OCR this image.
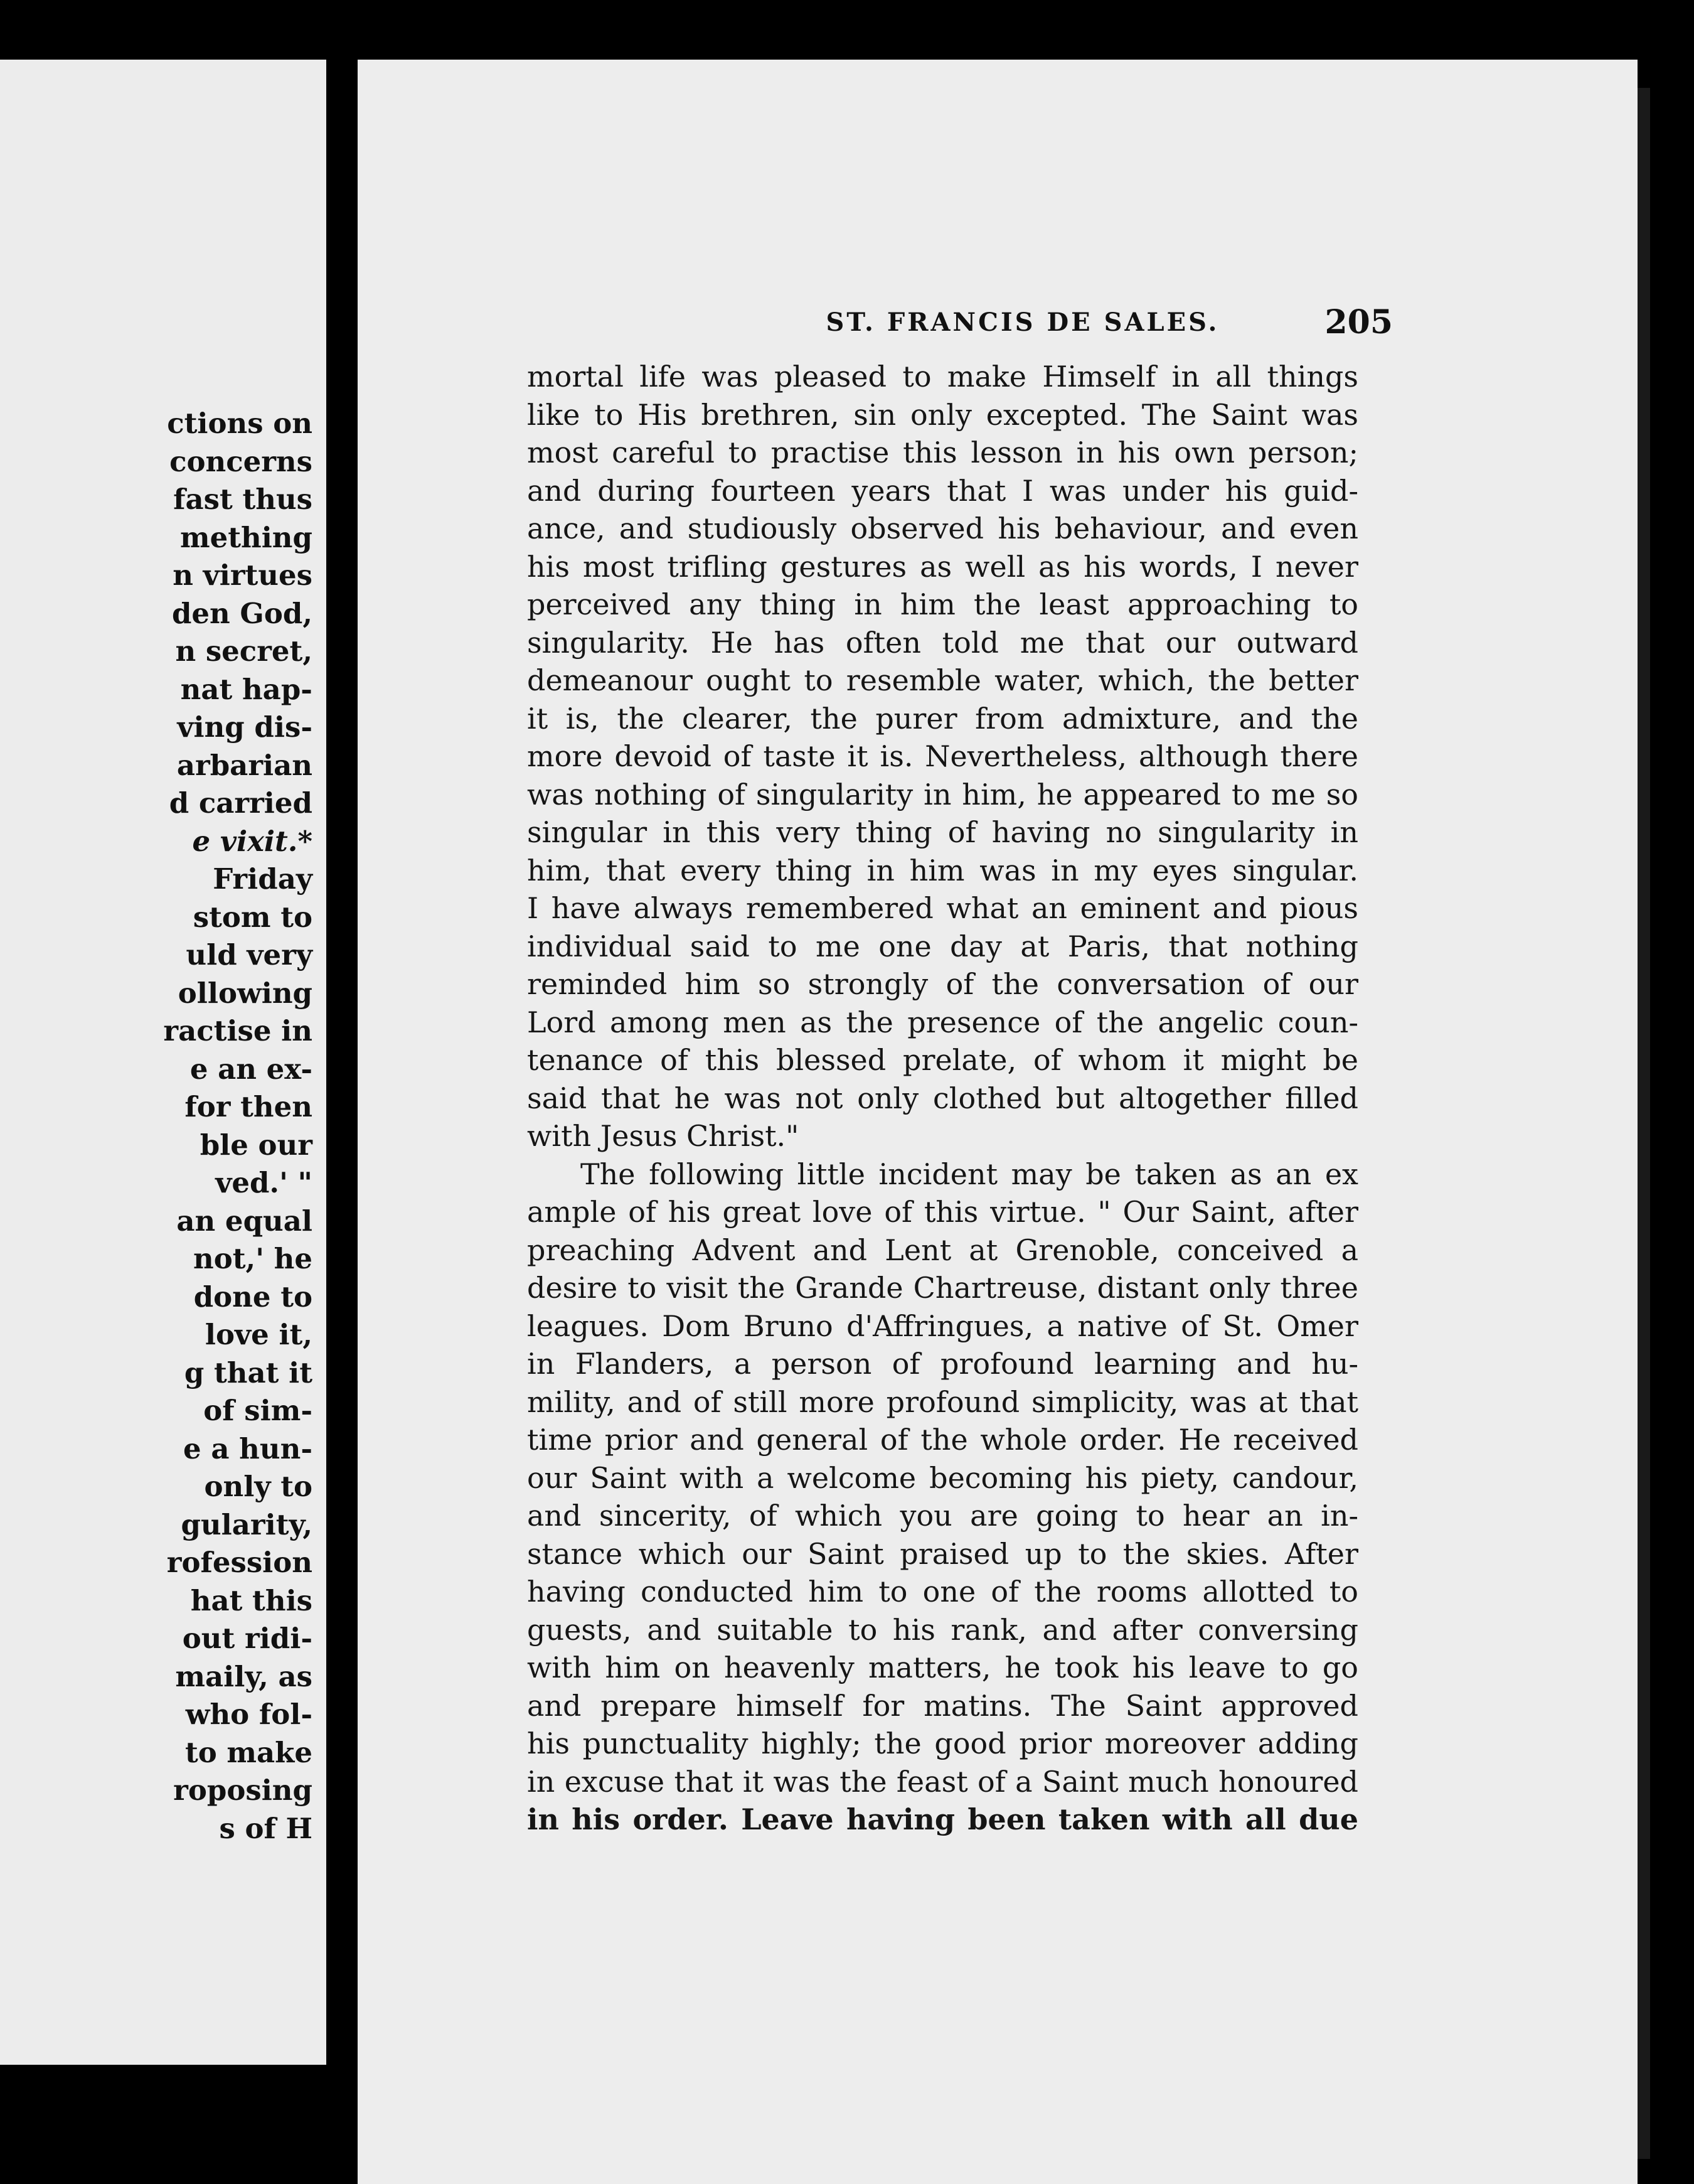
ctions on
concerns
fast thus
mething
n virtues
den God,
n secret,
nat hap-
ving dis-
arbarian
d carried
e vixit.*
Friday
stom to
uld very
ollowing
ractise in
e an ex-
for then
ble our
ved.' "
an equal
not,' he
done to
love it,
g that it
of sim-
e a hun-
only to
gularity,
rofession
hat this
out ridi-
maily, as
who fol-
to make
roposing
s of H
ST. FRANCIS DE SALES.	205
mortal life was pleased to make Himself in all things
like to His brethren, sin only excepted. The Saint was
most careful to practise this lesson in his own person;
and during fourteen years that I was under his guid-
ance, and studiously observed his behaviour, and even
his most trifling gestures as well as his words, I never
perceived any thing in him the least approaching to
singularity. He has often told me that our outward
demeanour ought to resemble water, which, the better
it is, the clearer, the purer from admixture, and the
more devoid of taste it is. Nevertheless, although there
was nothing of singularity in him, he appeared to me so
singular in this very thing of having no singularity in
him, that every thing in him was in my eyes singular.
I have always remembered what an eminent and pious
individual said to me one day at Paris, that nothing
reminded him so strongly of the conversation of our
Lord among men as the presence of the angelic coun-
tenance of this blessed prelate, of whom it might be
said that he was not only clothed but altogether filled
with Jesus Christ."
The following little incident may be taken as an ex
ample of his great love of this virtue. " Our Saint, after
preaching Advent and Lent at Grenoble, conceived a
desire to visit the Grande Chartreuse, distant only three
leagues. Dom Bruno d'Affringues, a native of St. Omer
in Flanders, a person of profound learning and hu-
mility, and of still more profound simplicity, was at that
time prior and general of the whole order. He received
our Saint with a welcome becoming his piety, candour,
and sincerity, of which you are going to hear an in-
stance which our Saint praised up to the skies. After
having conducted him to one of the rooms allotted to
guests, and suitable to his rank, and after conversing
with him on heavenly matters, he took his leave to go
and prepare himself for matins. The Saint approved
his punctuality highly; the good prior moreover adding
in excuse that it was the feast of a Saint much honoured
in his order. Leave having been taken with all due
